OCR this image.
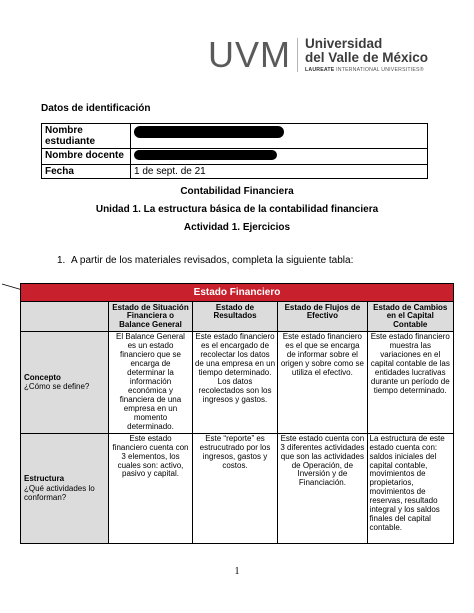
UVM Universidad
del Valle de México
LAUREATE INTERNATIONAL UNIVERSITIES®
Datos de identificación
Nombre estudiante	
Nombre docente	
Fecha	1 de sept. de 21
Contabilidad Financiera
Unidad 1. La estructura básica de la contabilidad financiera
Actividad 1. Ejercicios
1. A partir de los materiales revisados, completa la siguiente tabla:
Estado Financiero				
	Estado de Situación Financiera o Balance General	Estado de Resultados	Estado de Flujos de Efectivo	Estado de Cambios en el Capital Contable

Concepto
¿Cómo se define?	El Balance General es un estado financiero que se encarga de determinar la información económica y financiera de una empresa en un momento determinado.	Este estado financiero es el encargado de recolectar los datos de una empresa en un tiempo determinado. Los datos recolectados son los ingresos y gastos.	Este estado financiero es el que se encarga de informar sobre el origen y sobre como se utiliza el efectivo.	Este estado financiero muestra las variaciones en el capital contable de las entidades lucrativas durante un período de tiempo determinado.

Estructura
¿Qué actividades lo conforman?	Este estado financiero cuenta con 3 elementos, los cuales son: activo, pasivo y capital.	Este “reporte” es estrucutrado por los ingresos, gastos y costos.	Este estado cuenta con 3 diferentes actividades que son las actividades de Operación, de Inversión y de Financiación.	La estructura de este estado cuenta con: saldos iniciales del capital contable, movimientos de propietarios, movimientos de reservas, resultado integral y los saldos finales del capital contable.
1
